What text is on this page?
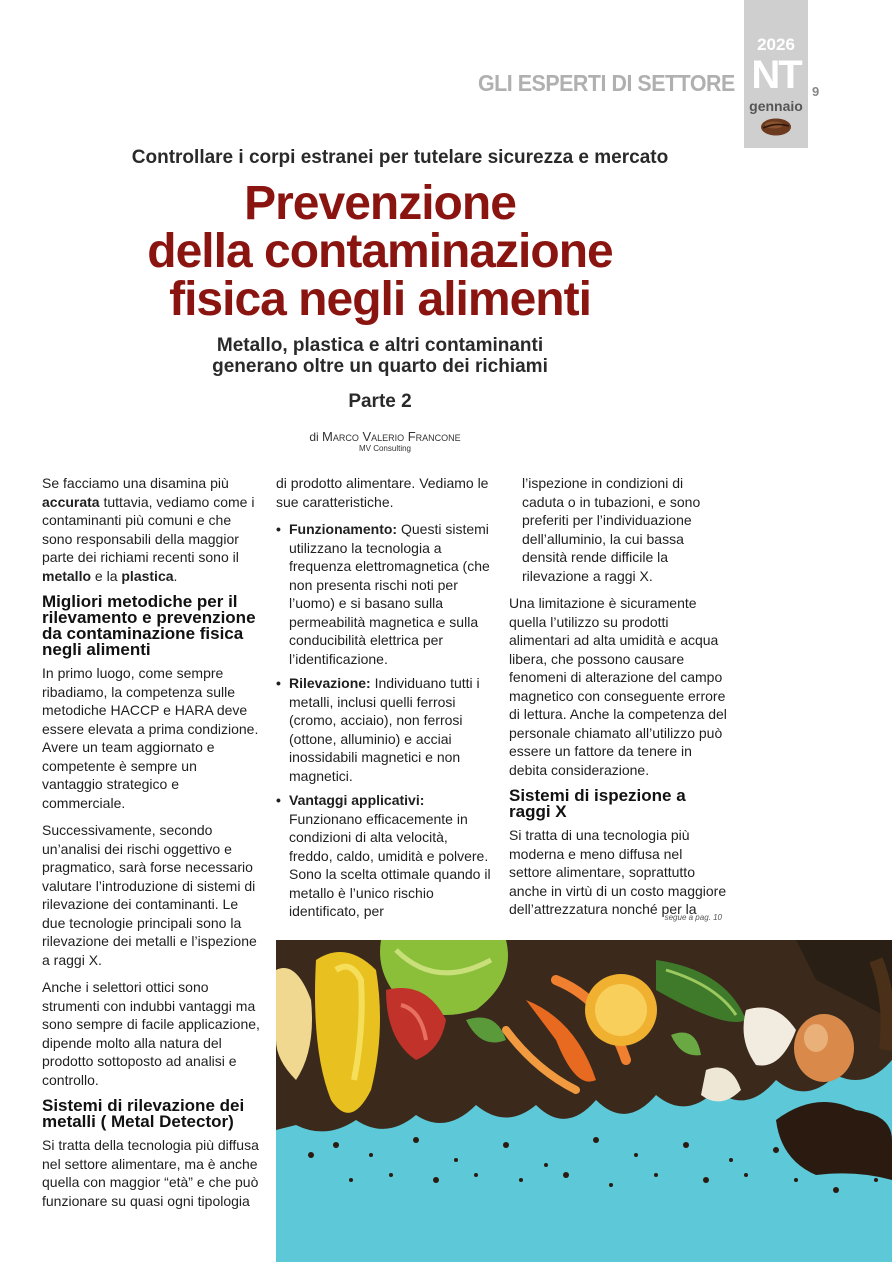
GLI ESPERTI DI SETTORE
2026
NT
gennaio
9
Controllare i corpi estranei per tutelare sicurezza e mercato
Prevenzione
della contaminazione
fisica negli alimenti
Metallo, plastica e altri contaminanti
generano oltre un quarto dei richiami
Parte 2
di Marco Valerio Francone
MV Consulting

Se facciamo una disamina più accurata tuttavia, vediamo come i contaminanti più comuni e che sono responsabili della maggior parte dei richiami recenti sono il metallo e la plastica.

Migliori metodiche per il rilevamento e prevenzione da contaminazione fisica negli alimenti

In primo luogo, come sempre ribadiamo, la competenza sulle metodiche HACCP e HARA deve essere elevata a prima condizione. Avere un team aggiornato e competente è sempre un vantaggio strategico e commerciale.

Successivamente, secondo un’analisi dei rischi oggettivo e pragmatico, sarà forse necessario valutare l’introduzione di sistemi di rilevazione dei contaminanti. Le due tecnologie principali sono la rilevazione dei metalli e l’ispezione a raggi X.

Anche i selettori ottici sono strumenti con indubbi vantaggi ma sono sempre di facile applicazione, dipende molto alla natura del prodotto sottoposto ad analisi e controllo.

Sistemi di rilevazione dei metalli ( Metal Detector)

Si tratta della tecnologia più diffusa nel settore alimentare, ma è anche quella con maggior “età” e che può funzionare su quasi ogni tipologia

di prodotto alimentare. Vediamo le sue caratteristiche.

• Funzionamento: Questi sistemi utilizzano la tecnologia a frequenza elettromagnetica (che non presenta rischi noti per l’uomo) e si basano sulla permeabilità magnetica e sulla conducibilità elettrica per l’identificazione.
• Rilevazione: Individuano tutti i metalli, inclusi quelli ferrosi (cromo, acciaio), non ferrosi (ottone, alluminio) e acciai inossidabili magnetici e non magnetici.
• Vantaggi applicativi: Funzionano efficacemente in condizioni di alta velocità, freddo, caldo, umidità e polvere. Sono la scelta ottimale quando il metallo è l’unico rischio identificato, per

l’ispezione in condizioni di caduta o in tubazioni, e sono preferiti per l’individuazione dell’alluminio, la cui bassa densità rende difficile la rilevazione a raggi X.

Una limitazione è sicuramente quella l’utilizzo su prodotti alimentari ad alta umidità e acqua libera, che possono causare fenomeni di alterazione del campo magnetico con conseguente errore di lettura. Anche la competenza del personale chiamato all’utilizzo può essere un fattore da tenere in debita considerazione.

Sistemi di ispezione a raggi X

Si tratta di una tecnologia più moderna e meno diffusa nel settore alimentare, soprattutto anche in virtù di un costo maggiore dell’attrezzatura nonché per la

segue a pag. 10
